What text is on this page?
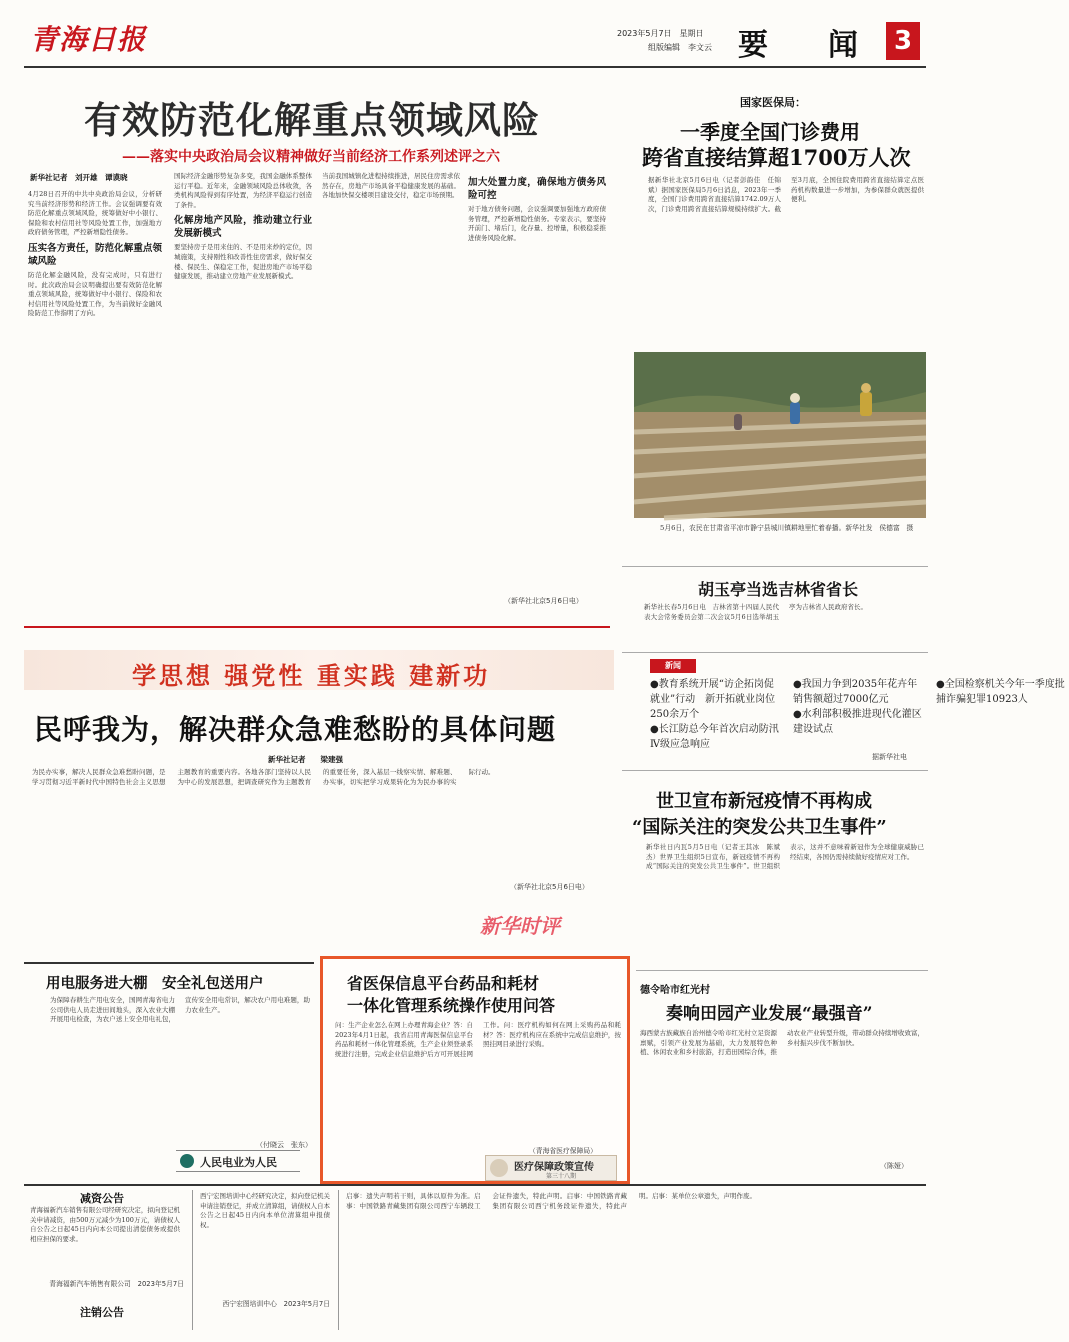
青海日报	2023年5月7日　星期日
组版编辑　李文云 要　　闻	3
有效防范化解重点领域风险
——落实中央政治局会议精神做好当前经济工作系列述评之六
新华社记者　刘开雄　谭谟晓

4月28日召开的中共中央政治局会议，分析研究当前经济形势和经济工作。会议强调要有效防范化解重点领域风险，统筹做好中小银行、保险和农村信用社等风险处置工作，加强地方政府债务管理，严控新增隐性债务。

压实各方责任，防范化解重点领域风险

防范化解金融风险，没有完成时，只有进行时。此次政治局会议明确提出要有效防范化解重点领域风险，统筹做好中小银行、保险和农村信用社等风险处置工作，为当前做好金融风险防范工作指明了方向。

国际经济金融形势复杂多变，我国金融体系整体运行平稳。近年来，金融领域风险总体收敛，各类机构风险得到有序处置，为经济平稳运行创造了条件。

化解房地产风险，推动建立行业发展新模式

要坚持房子是用来住的、不是用来炒的定位，因城施策，支持刚性和改善性住房需求，做好保交楼、保民生、保稳定工作，促进房地产市场平稳健康发展，推动建立房地产业发展新模式。

当前我国城镇化进程持续推进，居民住房需求依然存在，房地产市场具备平稳健康发展的基础。各地加快保交楼项目建设交付，稳定市场预期。

加大处置力度，确保地方债务风险可控

对于地方债务问题，会议强调要加强地方政府债务管理，严控新增隐性债务。专家表示，要坚持开前门、堵后门，化存量、控增量，积极稳妥推进债务风险化解。

（新华社北京5月6日电）
国家医保局：
一季度全国门诊费用
跨省直接结算超1700万人次
据新华社北京5月6日电（记者彭韵佳　任锦斌）据国家医保局5月6日消息，2023年一季度，全国门诊费用跨省直接结算1742.09万人次，门诊费用跨省直接结算规模持续扩大。截至3月底，全国住院费用跨省直接结算定点医药机构数量进一步增加，为参保群众就医提供便利。
5月6日，农民在甘肃省平凉市静宁县城川镇耕地里忙着春播。新华社发　侯德富　摄
胡玉亭当选吉林省省长
新华社长春5月6日电　吉林省第十四届人民代表大会常务委员会第二次会议5月6日选举胡玉亭为吉林省人民政府省长。
学思想 强党性 重实践 建新功
民呼我为，解决群众急难愁盼的具体问题
新华社记者　　梁建强
为民办实事，解决人民群众急难愁盼问题，是学习贯彻习近平新时代中国特色社会主义思想主题教育的重要内容。各地各部门坚持以人民为中心的发展思想，把调查研究作为主题教育的重要任务，深入基层一线察实情、解难题、办实事，切实把学习成果转化为为民办事的实际行动。
（新华社北京5月6日电）
新华时评
新闻
●教育系统开展“访企拓岗促就业”行动　新开拓就业岗位250余万个
●长江防总今年首次启动防汛Ⅳ级应急响应
●我国力争到2035年花卉年销售额超过7000亿元
●水利部积极推进现代化灌区建设试点
●全国检察机关今年一季度批捕诈骗犯罪10923人
据新华社电
世卫宣布新冠疫情不再构成
“国际关注的突发公共卫生事件”
新华社日内瓦5月5日电（记者王其冰　陈斌杰）世界卫生组织5日宣布，新冠疫情不再构成“国际关注的突发公共卫生事件”。世卫组织表示，这并不意味着新冠作为全球健康威胁已经结束，各国仍需持续做好疫情应对工作。
用电服务进大棚　安全礼包送用户
为保障春耕生产用电安全，国网青海省电力公司供电人员走进田间地头，深入农业大棚开展用电检查，为农户送上安全用电礼包，宣传安全用电常识，解决农户用电难题，助力农业生产。
（付晓云　张东）
人民电业为人民
省医保信息平台药品和耗材
一体化管理系统操作使用问答
问：生产企业怎么在网上办理青海企业？答：自2023年4月1日起，我省启用青海医保信息平台药品和耗材一体化管理系统，生产企业须登录系统进行注册，完成企业信息维护后方可开展挂网工作。问：医疗机构如何在网上采购药品和耗材？答：医疗机构应在系统中完成信息维护，按照挂网目录进行采购。
（青海省医疗保障局）
医疗保障政策宣传
第三十八期
德令哈市红光村
奏响田园产业发展“最强音”
海西蒙古族藏族自治州德令哈市红光村立足资源禀赋，引领产业发展为基础，大力发展特色种植、休闲农业和乡村旅游，打造田园综合体，推动农业产业转型升级，带动群众持续增收致富，乡村振兴步伐不断加快。
（陈娅）
减资公告
青海福新汽车销售有限公司经研究决定，拟向登记机关申请减资，由500万元减少为100万元，请债权人自公告之日起45日内向本公司提出清偿债务或提供相应担保的要求。
青海福新汽车销售有限公司　2023年5月7日
注销公告
西宁宏图培训中心经研究决定，拟向登记机关申请注销登记，并成立清算组，请债权人自本公告之日起45日内向本单位清算组申报债权。
西宁宏图培训中心　2023年5月7日
启事：遗失声明若干则，具体以原件为准。启事：中国铁路青藏集团有限公司西宁车辆段工会证件遗失，特此声明。启事：中国铁路青藏集团有限公司西宁机务段证件遗失，特此声明。启事：某单位公章遗失，声明作废。
